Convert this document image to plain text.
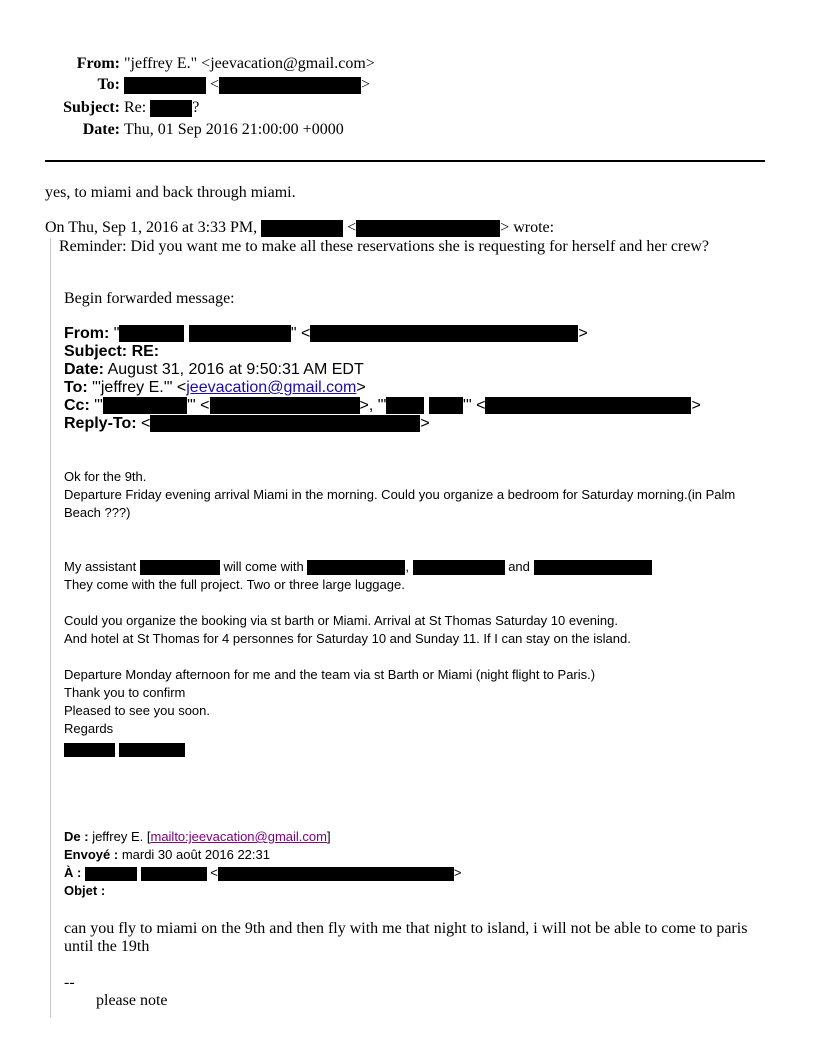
From: "jeffrey E." <jeevacation@gmail.com>
To:	<	>
Subject: Re:	?
Date: Thu, 01 Sep 2016 21:00:00 +0000
yes, to miami and back through miami.
On Thu, Sep 1, 2016 at 3:33 PM,	<	> wrote:
Reminder: Did you want me to make all these reservations she is requesting for herself and her crew?
Begin forwarded message:
From: "	" <	>
Subject: RE:
Date: August 31, 2016 at 9:50:31 AM EDT
To: "'jeffrey E.'" <jeevacation@gmail.com>
Cc: "'	'" <	>, "'	'" <	>
Reply-To: <	>
Ok for the 9th.
Departure Friday evening arrival Miami in the morning. Could you organize a bedroom for Saturday morning.(in Palm
Beach ???)
My assistant	will come with	,	and
They come with the full project. Two or three large luggage.
Could you organize the booking via st barth or Miami. Arrival at St Thomas Saturday 10 evening.
And hotel at St Thomas for 4 personnes for Saturday 10 and Sunday 11. If I can stay on the island.
Departure Monday afternoon for me and the team via st Barth or Miami (night flight to Paris.)
Thank you to confirm
Pleased to see you soon.
Regards

De : jeffrey E. [mailto:jeevacation@gmail.com]
Envoyé : mardi 30 août 2016 22:31
À :	<	>
Objet :
can you fly to miami on the 9th and then fly with me that night to island, i will not be able to come to paris
until the 19th
--
please note
